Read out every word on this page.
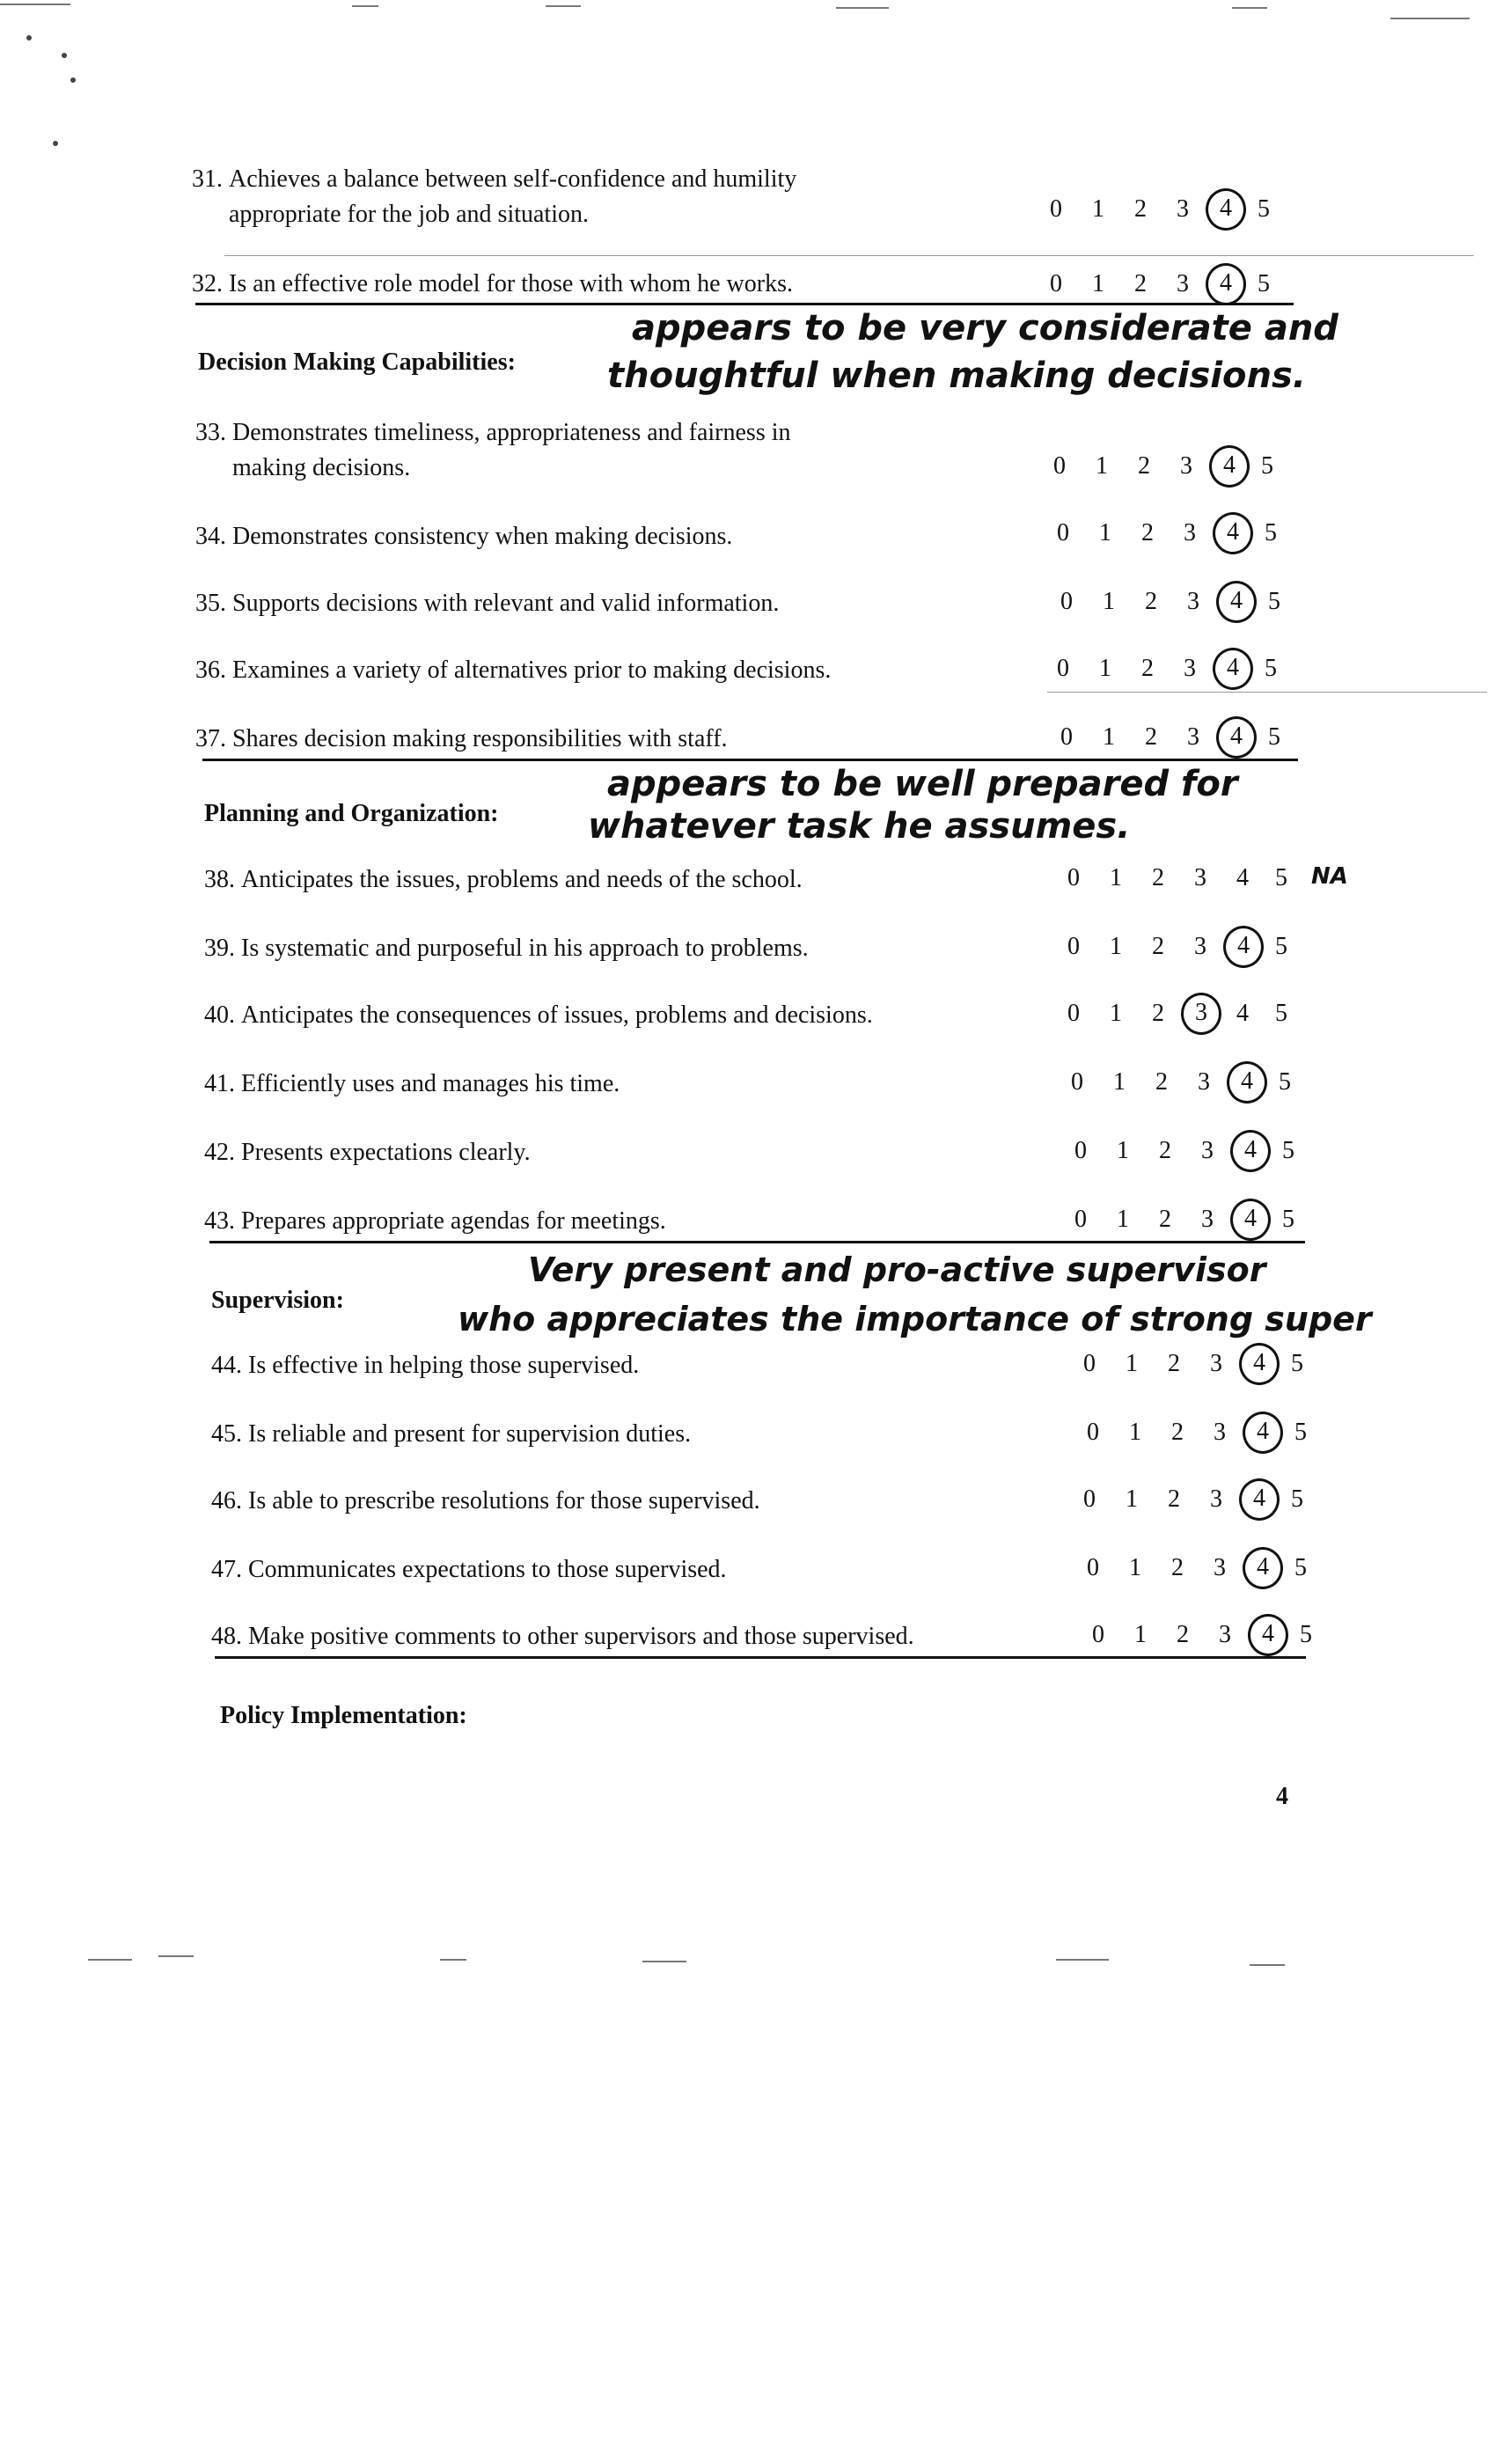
31. Achieves a balance between self-confidence and humility
appropriate for the job and situation.	0 1 2 3	4	5
32. Is an effective role model for those with whom he works.	0 1 2 3	4	5
Decision Making Capabilities:
appears to be very considerate and
thoughtful when making decisions.
33. Demonstrates timeliness, appropriateness and fairness in
making decisions.	0 1 2 3	4	5
34. Demonstrates consistency when making decisions.	0 1 2 3	4	5
35. Supports decisions with relevant and valid information.	0 1 2 3	4	5
36. Examines a variety of alternatives prior to making decisions.	0 1 2 3	4	5
37. Shares decision making responsibilities with staff.	0 1 2 3	4	5
Planning and Organization:
appears to be well prepared for
whatever task he assumes.
38. Anticipates the issues, problems and needs of the school.	0 1 2 3 4 5 NA
39. Is systematic and purposeful in his approach to problems.	0 1 2 3	4	5
40. Anticipates the consequences of issues, problems and decisions.	0 1 2	3	4 5
41. Efficiently uses and manages his time.	0 1 2 3	4	5
42. Presents expectations clearly.	0 1 2 3	4	5
43. Prepares appropriate agendas for meetings.	0 1 2 3	4	5
Supervision:
Very present and pro-active supervisor
who appreciates the importance of strong super
44. Is effective in helping those supervised.	0 1 2 3	4	5
45. Is reliable and present for supervision duties.	0 1 2 3	4	5
46. Is able to prescribe resolutions for those supervised.	0 1 2 3	4	5
47. Communicates expectations to those supervised.	0 1 2 3	4	5
48. Make positive comments to other supervisors and those supervised.	0 1 2 3	4	5
Policy Implementation:
4
